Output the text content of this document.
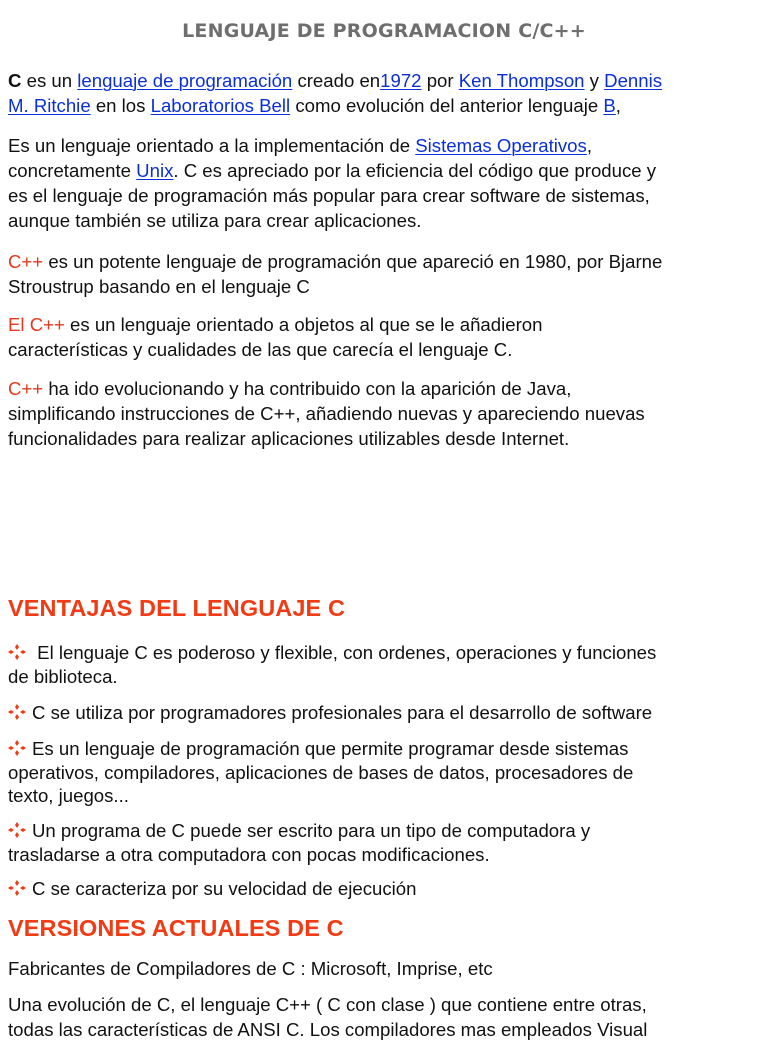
LENGUAJE DE PROGRAMACION C/C++

C es un lenguaje de programación creado en1972 por Ken Thompson y Dennis
M. Ritchie en los Laboratorios Bell como evolución del anterior lenguaje B,

Es un lenguaje orientado a la implementación de Sistemas Operativos,
concretamente Unix. C es apreciado por la eficiencia del código que produce y
es el lenguaje de programación más popular para crear software de sistemas,
aunque también se utiliza para crear aplicaciones.

C++ es un potente lenguaje de programación que apareció en 1980, por Bjarne
Stroustrup basando en el lenguaje C

El C++ es un lenguaje orientado a objetos al que se le añadieron
características y cualidades de las que carecía el lenguaje C.

C++ ha ido evolucionando y ha contribuido con la aparición de Java,
simplificando instrucciones de C++, añadiendo nuevas y apareciendo nuevas
funcionalidades para realizar aplicaciones utilizables desde Internet.

VENTAJAS DEL LENGUAJE C
El lenguaje C es poderoso y flexible, con ordenes, operaciones y funciones
de biblioteca.
C se utiliza por programadores profesionales para el desarrollo de software
Es un lenguaje de programación que permite programar desde sistemas
operativos, compiladores, aplicaciones de bases de datos, procesadores de
texto, juegos...
Un programa de C puede ser escrito para un tipo de computadora y
trasladarse a otra computadora con pocas modificaciones.
C se caracteriza por su velocidad de ejecución
VERSIONES ACTUALES DE C

Fabricantes de Compiladores de C : Microsoft, Imprise, etc

Una evolución de C, el lenguaje C++ ( C con clase ) que contiene entre otras,
todas las características de ANSI C. Los compiladores mas empleados Visual
